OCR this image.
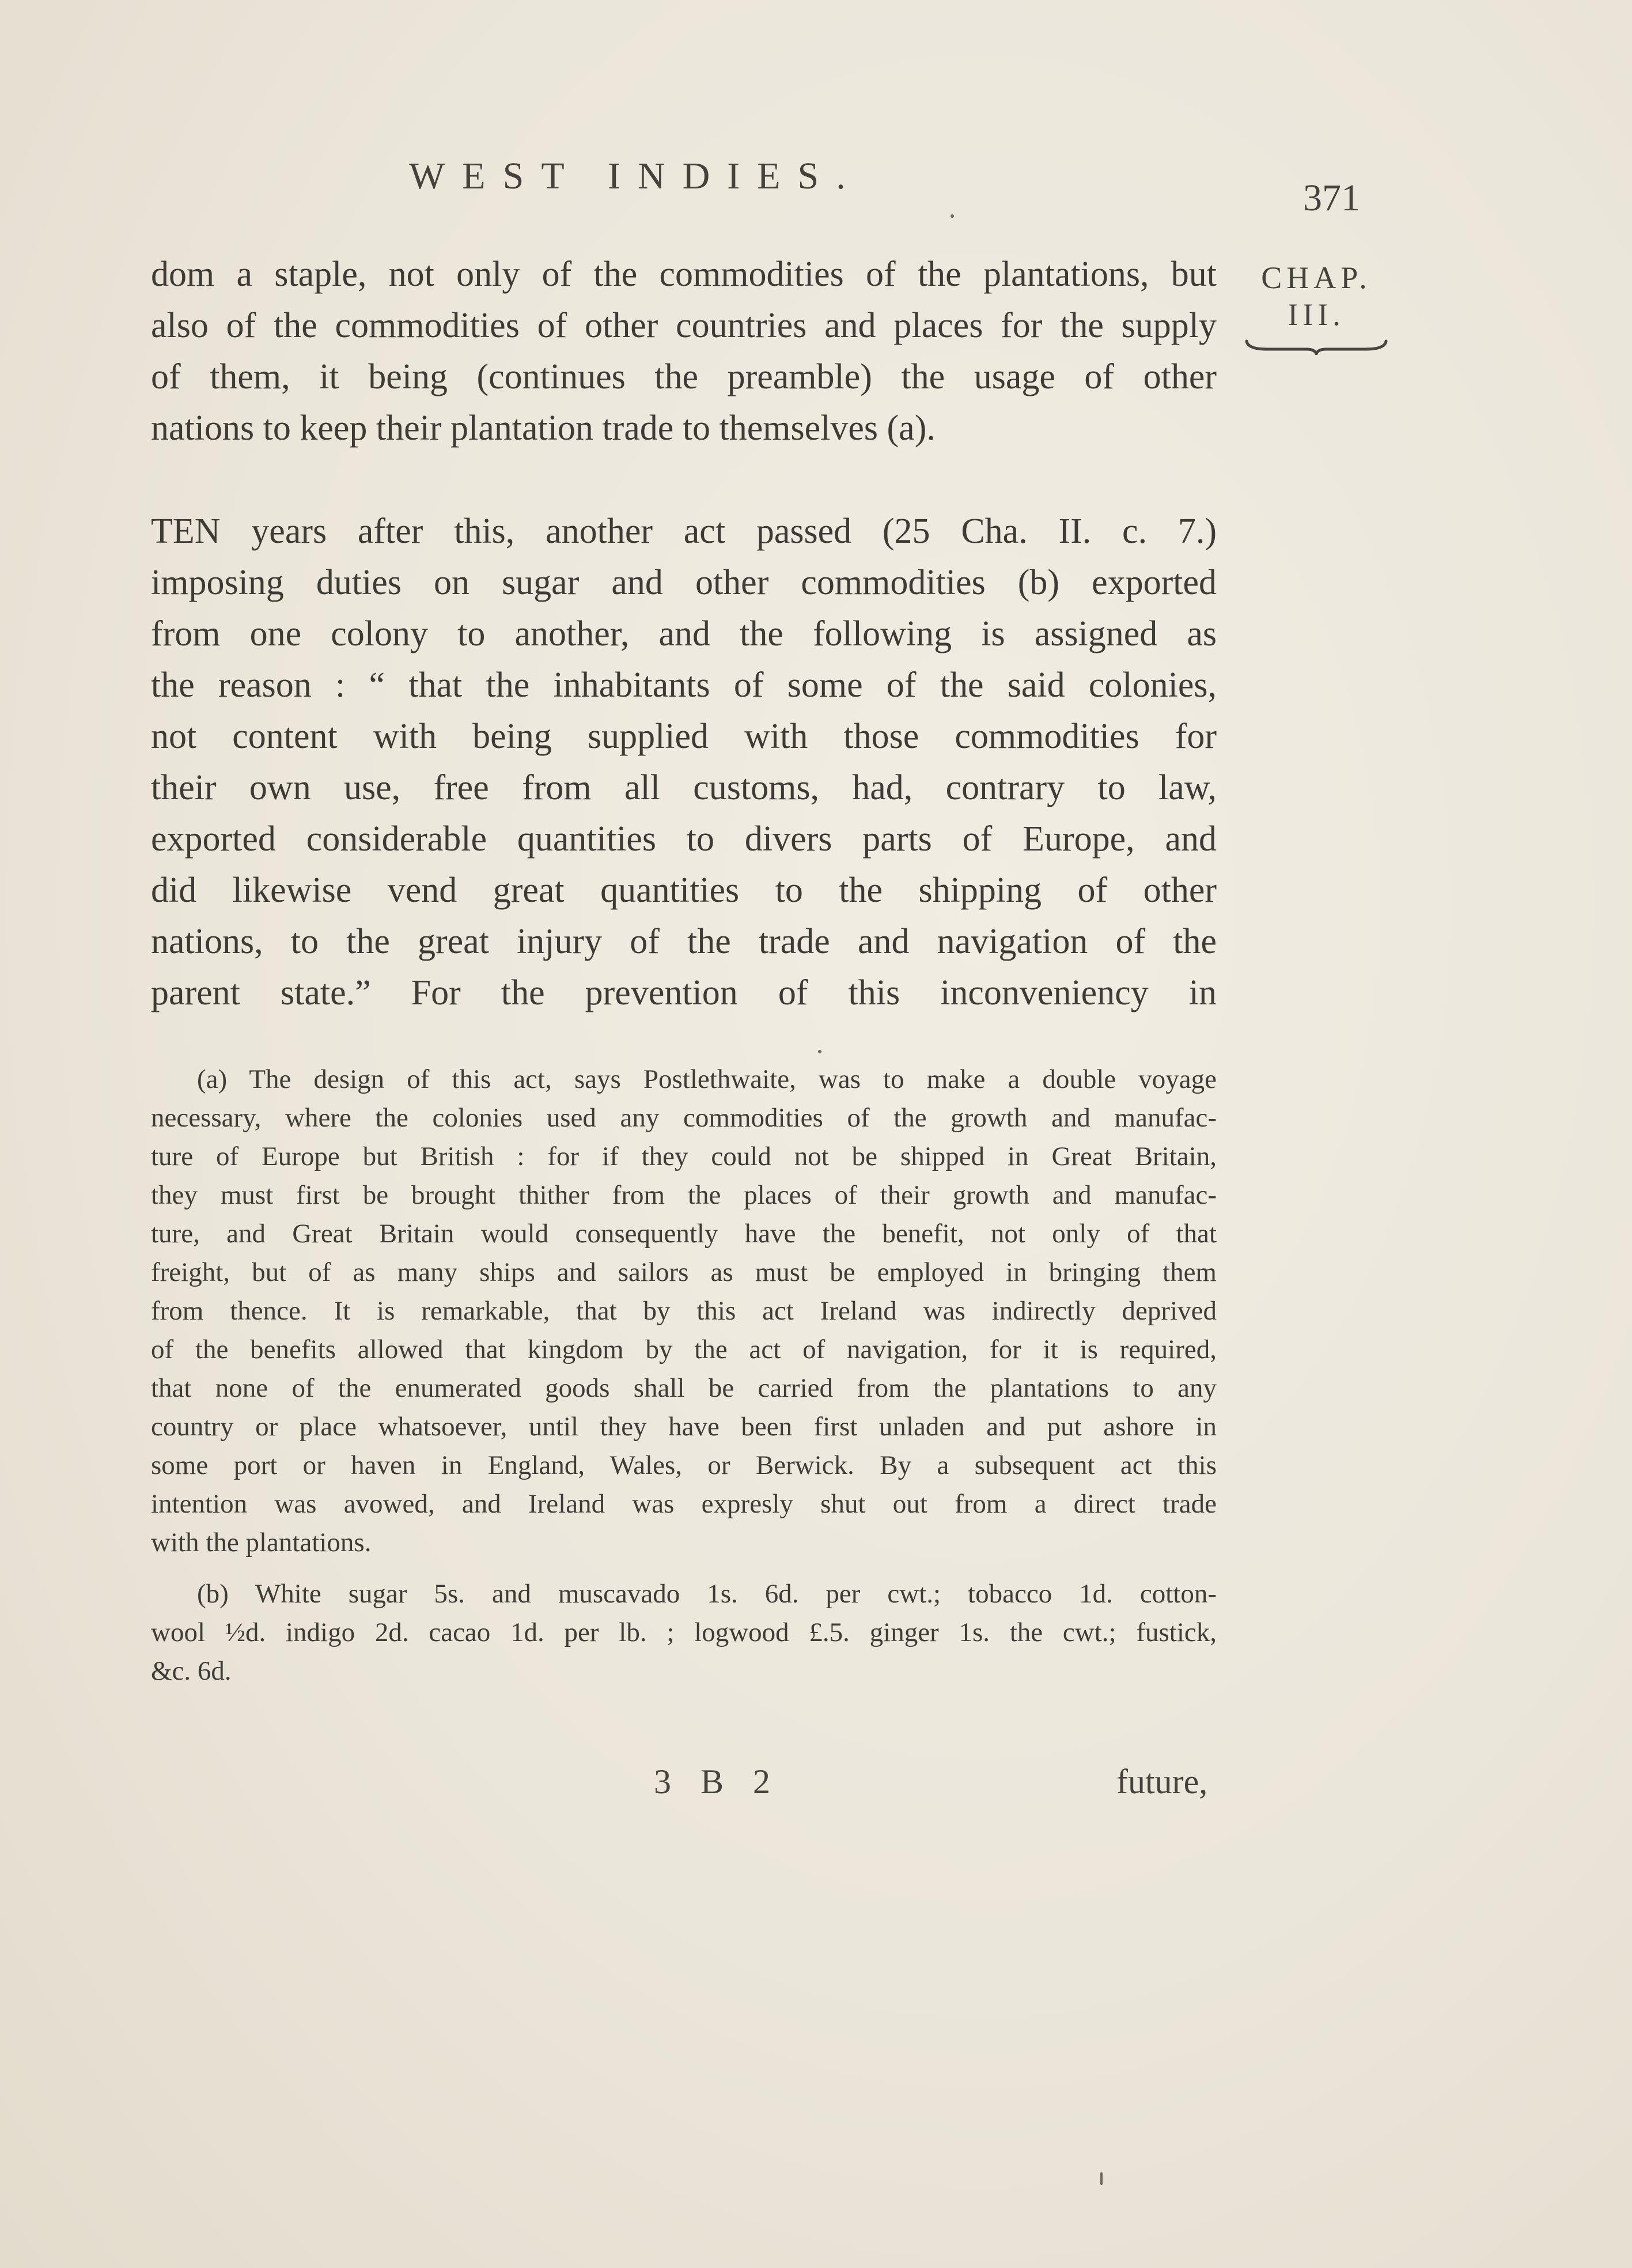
WEST INDIES.
371
CHAP.
III.
dom a staple, not only of the commodities of the plantations, but
also of the commodities of other countries and places for the supply
of them, it being (continues the preamble) the usage of other
nations to keep their plantation trade to themselves (a).
TEN years after this, another act passed (25 Cha. II. c. 7.)
imposing duties on sugar and other commodities (b) exported
from one colony to another, and the following is assigned as
the reason : “ that the inhabitants of some of the said colonies,
not content with being supplied with those commodities for
their own use, free from all customs, had, contrary to law,
exported considerable quantities to divers parts of Europe, and
did likewise vend great quantities to the shipping of other
nations, to the great injury of the trade and navigation of the
parent state.” For the prevention of this inconveniency in
(a) The design of this act, says Postlethwaite, was to make a double voyage
necessary, where the colonies used any commodities of the growth and manufac-
ture of Europe but British : for if they could not be shipped in Great Britain,
they must first be brought thither from the places of their growth and manufac-
ture, and Great Britain would consequently have the benefit, not only of that
freight, but of as many ships and sailors as must be employed in bringing them
from thence. It is remarkable, that by this act Ireland was indirectly deprived
of the benefits allowed that kingdom by the act of navigation, for it is required,
that none of the enumerated goods shall be carried from the plantations to any
country or place whatsoever, until they have been first unladen and put ashore in
some port or haven in England, Wales, or Berwick. By a subsequent act this
intention was avowed, and Ireland was expresly shut out from a direct trade
with the plantations.
(b) White sugar 5s. and muscavado 1s. 6d. per cwt.; tobacco 1d. cotton-
wool ½d. indigo 2d. cacao 1d. per lb. ; logwood £.5. ginger 1s. the cwt.; fustick,
&c. 6d.
3 B 2	future,
